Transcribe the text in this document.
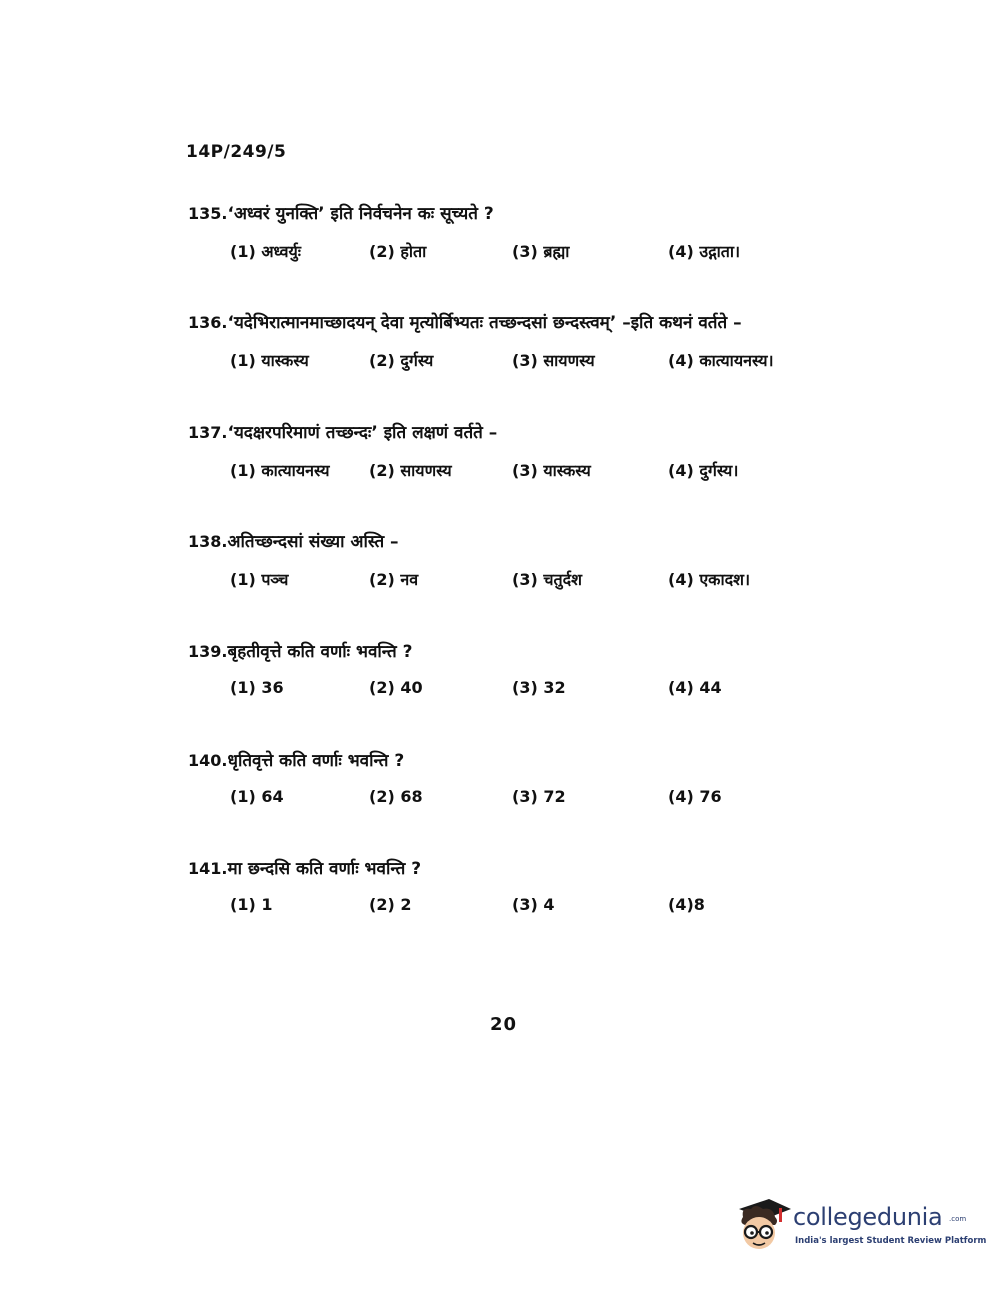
14P/249/5
135.‘अध्वरं युनक्ति’ इति निर्वचनेन कः सूच्यते ?
(1) अध्वर्युः	(2) होता	(3) ब्रह्मा	(4) उद्गाता।
136.‘यदेभिरात्मानमाच्छादयन् देवा मृत्योर्बिभ्यतः तच्छन्दसां छन्दस्त्वम्’ –इति कथनं वर्तते –
(1) यास्कस्य	(2) दुर्गस्य	(3) सायणस्य	(4) कात्यायनस्य।
137.‘यदक्षरपरिमाणं तच्छन्दः’ इति लक्षणं वर्तते –
(1) कात्यायनस्य (2) सायणस्य	(3) यास्कस्य	(4) दुर्गस्य।
138.अतिच्छन्दसां संख्या अस्ति –
(1) पञ्च	(2) नव	(3) चतुर्दश	(4) एकादश।
139.बृहतीवृत्ते कति वर्णाः भवन्ति ?
(1) 36	(2) 40	(3) 32	(4) 44
140.धृतिवृत्ते कति वर्णाः भवन्ति ?
(1) 64	(2) 68	(3) 72	(4) 76
141.मा छन्दसि कति वर्णाः भवन्ति ?
(1) 1	(2) 2	(3) 4	(4)8
20
collegedunia .com
India's largest Student Review Platform
